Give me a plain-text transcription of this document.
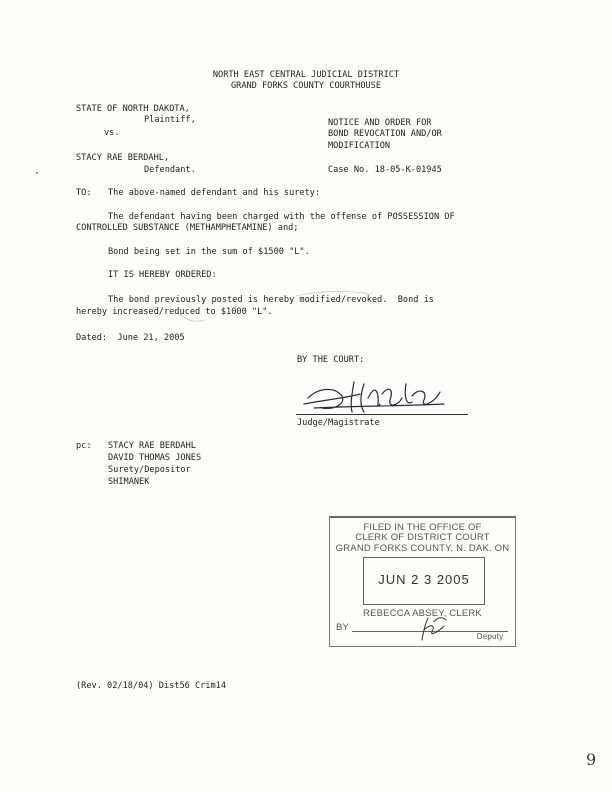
NORTH EAST CENTRAL JUDICIAL DISTRICT
GRAND FORKS COUNTY COURTHOUSE
STATE OF NORTH DAKOTA,
Plaintiff,
vs.
STACY RAE BERDAHL,
Defendant.
NOTICE AND ORDER FOR
BOND REVOCATION AND/OR
MODIFICATION
Case No. 18-05-K-01945
TO: The above-named defendant and his surety:
The defendant having been charged with the offense of POSSESSION OF
CONTROLLED SUBSTANCE (METHAMPHETAMINE) and;
Bond being set in the sum of $1500 "L".
IT IS HEREBY ORDERED:
The bond previously posted is hereby modified/revoked.  Bond is
hereby increased/reduced to $1000 "L".
Dated:  June 21, 2005
BY THE COURT:
Judge/Magistrate
pc: STACY RAE BERDAHL
DAVID THOMAS JONES
Surety/Depositor
SHIMANEK
FILED IN THE OFFICE OF
CLERK OF DISTRICT COURT
GRAND FORKS COUNTY, N. DAK. ON
JUN 2 3 2005
REBECCA ABSEY, CLERK
BY
Deputy
(Rev. 02/18/04) Dist56 Crim14
9
